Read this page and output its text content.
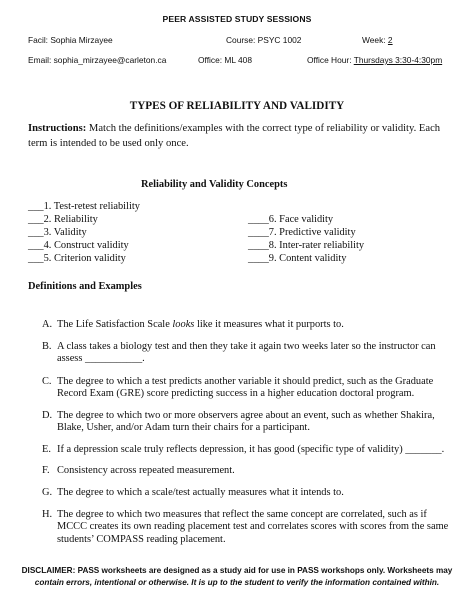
PEER ASSISTED STUDY SESSIONS
Facil: Sophia Mirzayee	Course: PSYC 1002	Week: 2
Email: sophia_mirzayee@carleton.ca	Office: ML 408	Office Hour: Thursdays 3:30-4:30pm
TYPES OF RELIABILITY AND VALIDITY
Instructions: Match the definitions/examples with the correct type of reliability or validity. Each term is intended to be used only once.
Reliability and Validity Concepts
___1. Test-retest reliability
___2. Reliability
___3. Validity
___4. Construct validity
___5. Criterion validity
____6. Face validity
____7. Predictive validity
____8. Inter-rater reliability
____9. Content validity
Definitions and Examples
A. The Life Satisfaction Scale looks like it measures what it purports to.
B. A class takes a biology test and then they take it again two weeks later so the instructor can assess ___________.
C. The degree to which a test predicts another variable it should predict, such as the Graduate Record Exam (GRE) score predicting success in a higher education doctoral program.
D. The degree to which two or more observers agree about an event, such as whether Shakira, Blake, Usher, and/or Adam turn their chairs for a participant.
E. If a depression scale truly reflects depression, it has good (specific type of validity) _______.
F. Consistency across repeated measurement.
G. The degree to which a scale/test actually measures what it intends to.
H. The degree to which two measures that reflect the same concept are correlated, such as if MCCC creates its own reading placement test and correlates scores with scores from the same students’ COMPASS reading placement.
DISCLAIMER: PASS worksheets are designed as a study aid for use in PASS workshops only. Worksheets may contain errors, intentional or otherwise. It is up to the student to verify the information contained within.
